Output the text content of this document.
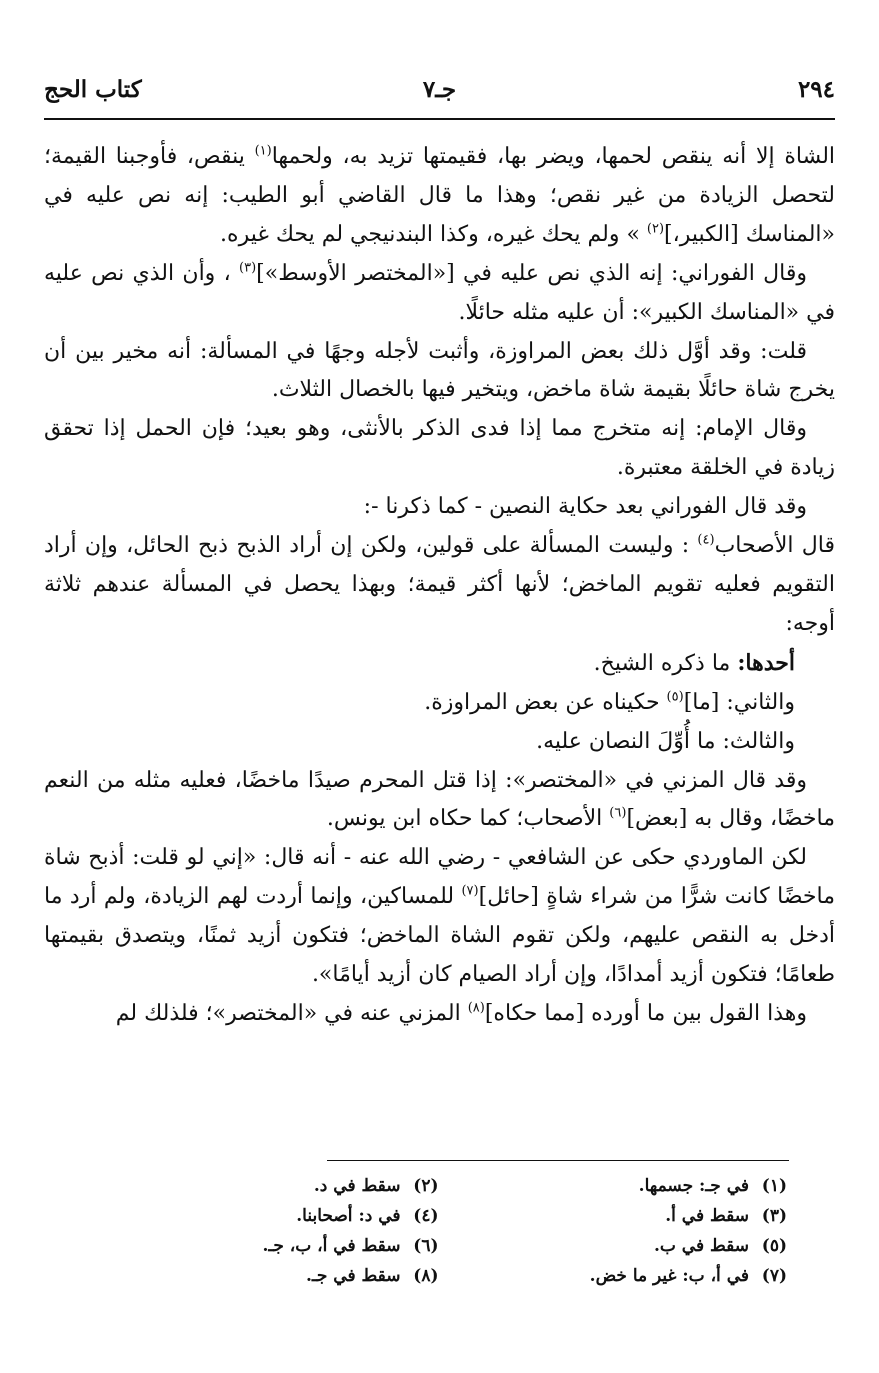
٢٩٤
جـ٧
كتاب الحج

الشاة إلا أنه ينقص لحمها، ويضر بها، فقيمتها تزيد به، ولحمها$^{(١)}$ ينقص، فأوجبنا القيمة؛ لتحصل الزيادة من غير نقص؛ وهذا ما قال القاضي أبو الطيب: إنه نص عليه في «المناسك [الكبير،]$^{(٢)}$ » ولم يحك غيره، وكذا البندنيجي لم يحك غيره.

وقال الفوراني: إنه الذي نص عليه في [«المختصر الأوسط»]$^{(٣)}$ ، وأن الذي نص عليه في «المناسك الكبير»: أن عليه مثله حائلًا.

قلت: وقد أوَّل ذلك بعض المراوزة، وأثبت لأجله وجهًا في المسألة: أنه مخير بين أن يخرج شاة حائلًا بقيمة شاة ماخض، ويتخير فيها بالخصال الثلاث.

وقال الإمام: إنه متخرج مما إذا فدى الذكر بالأنثى، وهو بعيد؛ فإن الحمل إذا تحقق زيادة في الخلقة معتبرة.

وقد قال الفوراني بعد حكاية النصين - كما ذكرنا -:

قال الأصحاب$^{(٤)}$ : وليست المسألة على قولين، ولكن إن أراد الذبح ذبح الحائل، وإن أراد التقويم فعليه تقويم الماخض؛ لأنها أكثر قيمة؛ وبهذا يحصل في المسألة عندهم ثلاثة أوجه:

أحدها: ما ذكره الشيخ.

والثاني: [ما]$^{(٥)}$ حكيناه عن بعض المراوزة.

والثالث: ما أُوِّلَ النصان عليه.

وقد قال المزني في «المختصر»: إذا قتل المحرم صيدًا ماخضًا، فعليه مثله من النعم ماخضًا، وقال به [بعض]$^{(٦)}$ الأصحاب؛ كما حكاه ابن يونس.

لكن الماوردي حكى عن الشافعي - رضي الله عنه - أنه قال: «إني لو قلت: أذبح شاة ماخضًا كانت شرًّا من شراء شاةٍ [حائل]$^{(٧)}$ للمساكين، وإنما أردت لهم الزيادة، ولم أرد ما أدخل به النقص عليهم، ولكن تقوم الشاة الماخض؛ فتكون أزيد ثمنًا، ويتصدق بقيمتها طعامًا؛ فتكون أزيد أمدادًا، وإن أراد الصيام كان أزيد أيامًا».

وهذا القول بين ما أورده [مما حكاه]$^{(٨)}$ المزني عنه في «المختصر»؛ فلذلك لم

(١)
في جـ: جسمها.
(٢)
سقط في د.
(٣)
سقط في أ.
(٤)
في د: أصحابنا.
(٥)
سقط في ب.
(٦)
سقط في أ، ب، جـ.
(٧)
في أ، ب: غير ما خض.
(٨)
سقط في جـ.
